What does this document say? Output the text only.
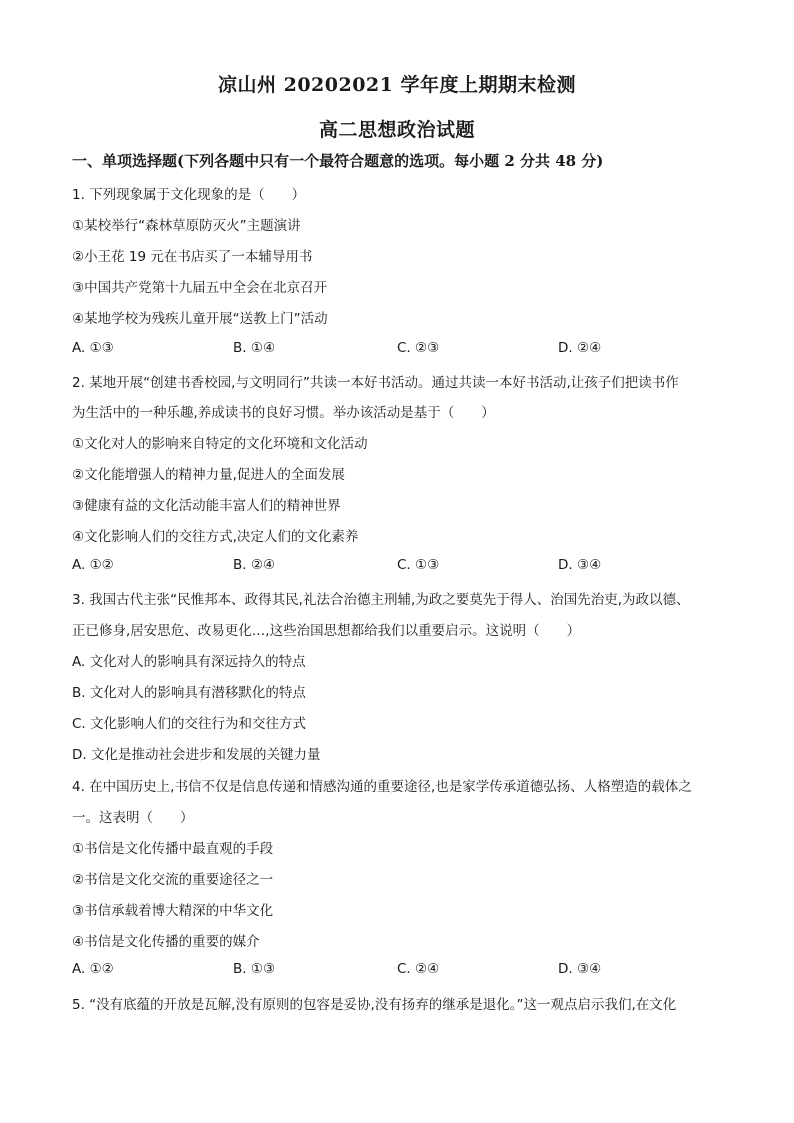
凉山州 20202021 学年度上期期末检测
高二思想政治试题
一、单项选择题(下列各题中只有一个最符合题意的选项。每小题 2 分共 48 分)
1. 下列现象属于文化现象的是（　　）
①某校举行“森林草原防灭火”主题演讲
②小王花 19 元在书店买了一本辅导用书
③中国共产党第十九届五中全会在北京召开
④某地学校为残疾儿童开展“送教上门”活动
A. ①③	B. ①④	C. ②③	D. ②④
2. 某地开展“创建书香校园,与文明同行”共读一本好书活动。通过共读一本好书活动,让孩子们把读书作
为生活中的一种乐趣,养成读书的良好习惯。举办该活动是基于（　　）
①文化对人的影响来自特定的文化环境和文化活动
②文化能增强人的精神力量,促进人的全面发展
③健康有益的文化活动能丰富人们的精神世界
④文化影响人们的交往方式,决定人们的文化素养
A. ①②	B. ②④	C. ①③	D. ③④
3. 我国古代主张“民惟邦本、政得其民,礼法合治德主刑辅,为政之要莫先于得人、治国先治吏,为政以德、
正已修身,居安思危、改易更化…,这些治国思想都给我们以重要启示。这说明（　　）
A. 文化对人的影响具有深远持久的特点
B. 文化对人的影响具有潜移默化的特点
C. 文化影响人们的交往行为和交往方式
D. 文化是推动社会进步和发展的关键力量
4. 在中国历史上,书信不仅是信息传递和情感沟通的重要途径,也是家学传承道德弘扬、人格塑造的载体之
一。这表明（　　）
①书信是文化传播中最直观的手段
②书信是文化交流的重要途径之一
③书信承载着博大精深的中华文化
④书信是文化传播的重要的媒介
A. ①②	B. ①③	C. ②④	D. ③④
5. “没有底蕴的开放是瓦解,没有原则的包容是妥协,没有扬弃的继承是退化。”这一观点启示我们,在文化
